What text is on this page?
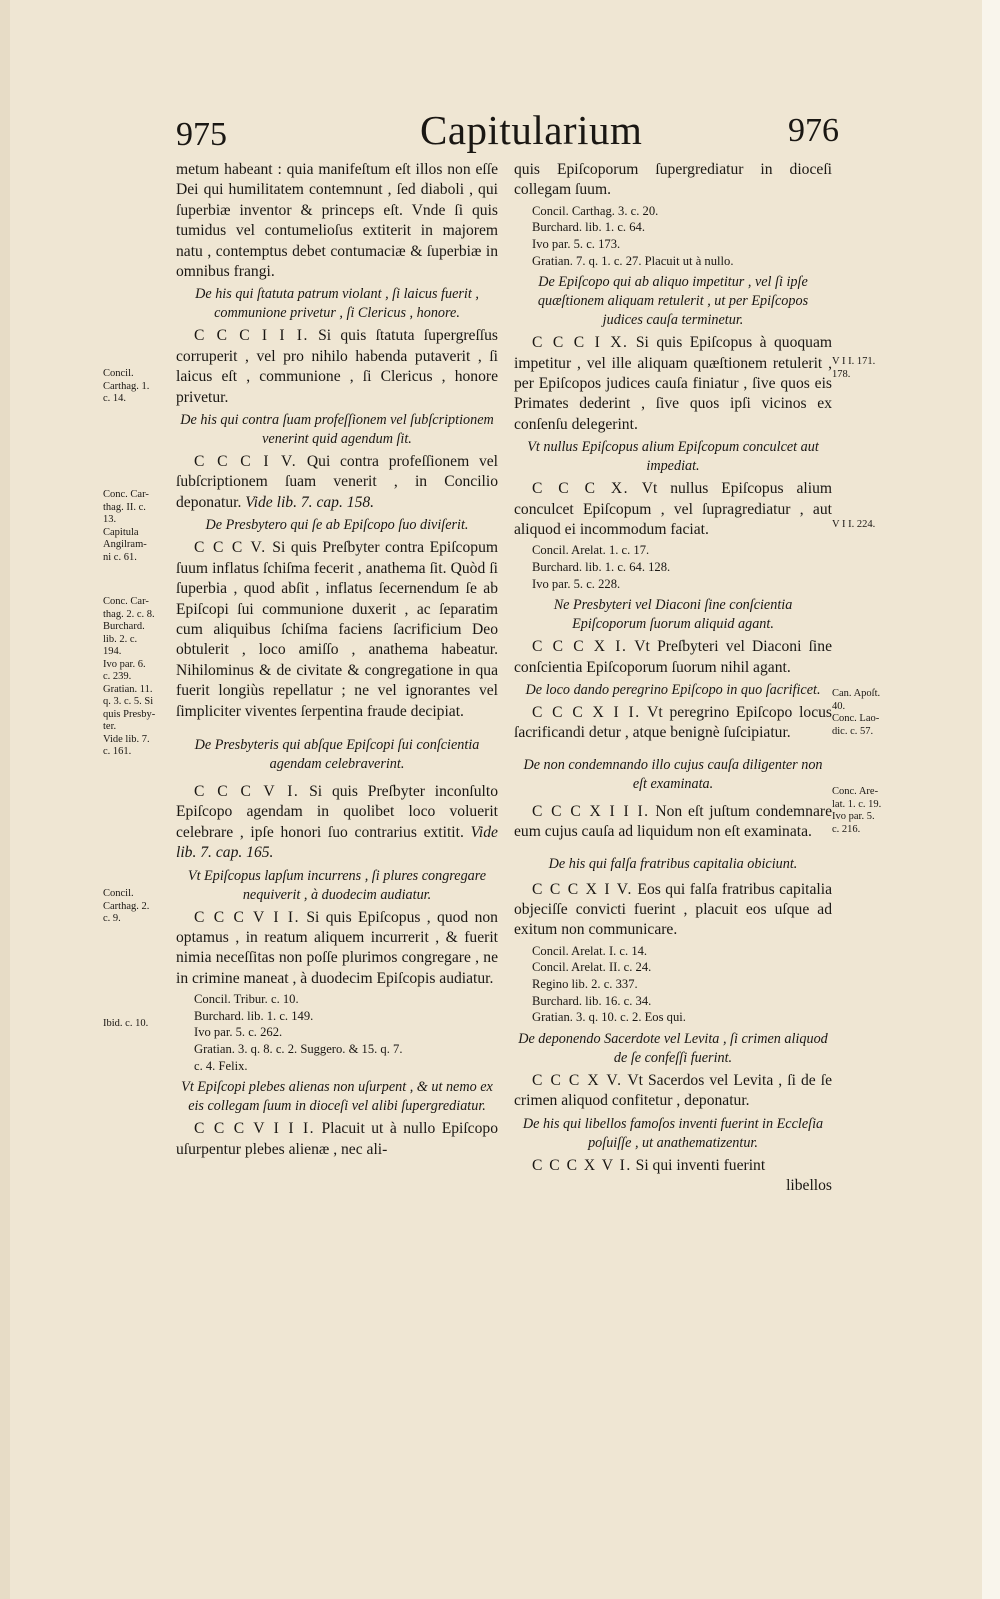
975	Capitularium	976
Concil.
Carthag. 1.
c. 14.
Conc. Car-
thag. II. c.
13.
Capitula
Angilram-
ni c. 61.
Conc. Car-
thag. 2. c. 8.
Burchard.
lib. 2. c.
194.
Ivo par. 6.
c. 239.
Gratian. 11.
q. 3. c. 5. Si
quis Presby-
ter.
Vide lib. 7.
c. 161.
Concil.
Carthag. 2.
c. 9.
Ibid. c. 10.
V I I. 171.
178.
V I I. 224.
Can. Apoſt.
40.
Conc. Lao-
dic. c. 57.
Conc. Are-
lat. 1. c. 19.
Ivo par. 5.
c. 216.

metum habeant : quia manifeſtum eſt illos non eſſe Dei qui humilitatem contemnunt , ſed diaboli , qui ſuperbiæ inventor & princeps eſt. Vnde ſi quis tumidus vel contumelioſus extiterit in majorem natu , contemptus debet contumaciæ & ſuperbiæ in omnibus frangi.

De his qui ſtatuta patrum violant , ſi laicus fuerit , communione privetur , ſi Clericus , honore.

C C C I I I. Si quis ſtatuta ſupergreſſus corruperit , vel pro nihilo habenda putaverit , ſi laicus eſt , communione , ſi Clericus , honore privetur.

De his qui contra ſuam profeſſionem vel ſubſcriptionem venerint quid agendum ſit.

C C C I V. Qui contra profeſſionem vel ſubſcriptionem ſuam venerit , in Concilio deponatur. Vide lib. 7. cap. 158.

De Presbytero qui ſe ab Epiſcopo ſuo diviſerit.

C C C V. Si quis Preſbyter contra Epiſcopum ſuum inflatus ſchiſma fecerit , anathema ſit. Quòd ſi ſuperbia , quod abſit , inflatus ſecernendum ſe ab Epiſcopi ſui communione duxerit , ac ſeparatim cum aliquibus ſchiſma faciens ſacrificium Deo obtulerit , loco amiſſo , anathema habeatur. Nihilominus & de civitate & congregatione in qua fuerit longiùs repellatur ; ne vel ignorantes vel ſimpliciter viventes ſerpentina fraude decipiat.

De Presbyteris qui abſque Epiſcopi ſui conſcientia agendam celebraverint.

C C C V I. Si quis Preſbyter inconſulto Epiſcopo agendam in quolibet loco voluerit celebrare , ipſe honori ſuo contrarius extitit. Vide lib. 7. cap. 165.

Vt Epiſcopus lapſum incurrens , ſi plures congregare nequiverit , à duodecim audiatur.

C C C V I I. Si quis Epiſcopus , quod non optamus , in reatum aliquem incurrerit , & fuerit nimia neceſſitas non poſſe plurimos congregare , ne in crimine maneat , à duodecim Epiſcopis audiatur.

Concil. Tribur. c. 10.
Burchard. lib. 1. c. 149.
Ivo par. 5. c. 262.
Gratian. 3. q. 8. c. 2. Suggero. & 15. q. 7.
c. 4. Felix.
Vt Epiſcopi plebes alienas non uſurpent , & ut nemo ex eis collegam ſuum in dioceſi vel alibi ſupergrediatur.

C C C V I I I. Placuit ut à nullo Epiſcopo uſurpentur plebes alienæ , nec ali-

quis Epiſcoporum ſupergrediatur in dioceſi collegam ſuum.

Concil. Carthag. 3. c. 20.
Burchard. lib. 1. c. 64.
Ivo par. 5. c. 173.
Gratian. 7. q. 1. c. 27. Placuit ut à nullo.
De Epiſcopo qui ab aliquo impetitur , vel ſi ipſe quæſtionem aliquam retulerit , ut per Epiſcopos judices cauſa terminetur.

C C C I X. Si quis Epiſcopus à quoquam impetitur , vel ille aliquam quæſtionem retulerit , per Epiſcopos judices cauſa finiatur , ſive quos eis Primates dederint , ſive quos ipſi vicinos ex conſenſu delegerint.

Vt nullus Epiſcopus alium Epiſcopum conculcet aut impediat.

C C C X. Vt nullus Epiſcopus alium conculcet Epiſcopum , vel ſupragrediatur , aut aliquod ei incommodum faciat.

Concil. Arelat. 1. c. 17.
Burchard. lib. 1. c. 64. 128.
Ivo par. 5. c. 228.
Ne Presbyteri vel Diaconi ſine conſcientia Epiſcoporum ſuorum aliquid agant.

C C C X I. Vt Preſbyteri vel Diaconi ſine conſcientia Epiſcoporum ſuorum nihil agant.

De loco dando peregrino Epiſcopo in quo ſacrificet.

C C C X I I. Vt peregrino Epiſcopo locus ſacrificandi detur , atque benignè ſuſcipiatur.

De non condemnando illo cujus cauſa diligenter non eſt examinata.

C C C X I I I. Non eſt juſtum condemnare eum cujus cauſa ad liquidum non eſt examinata.

De his qui falſa fratribus capitalia obiciunt.

C C C X I V. Eos qui falſa fratribus capitalia objeciſſe convicti fuerint , placuit eos uſque ad exitum non communicare.

Concil. Arelat. I. c. 14.
Concil. Arelat. II. c. 24.
Regino lib. 2. c. 337.
Burchard. lib. 16. c. 34.
Gratian. 3. q. 10. c. 2. Eos qui.
De deponendo Sacerdote vel Levita , ſi crimen aliquod de ſe confeſſi fuerint.

C C C X V. Vt Sacerdos vel Levita , ſi de ſe crimen aliquod confitetur , deponatur.

De his qui libellos famoſos inventi fuerint in Eccleſia poſuiſſe , ut anathematizentur.

C C C X V I. Si qui inventi fuerint

libellos
